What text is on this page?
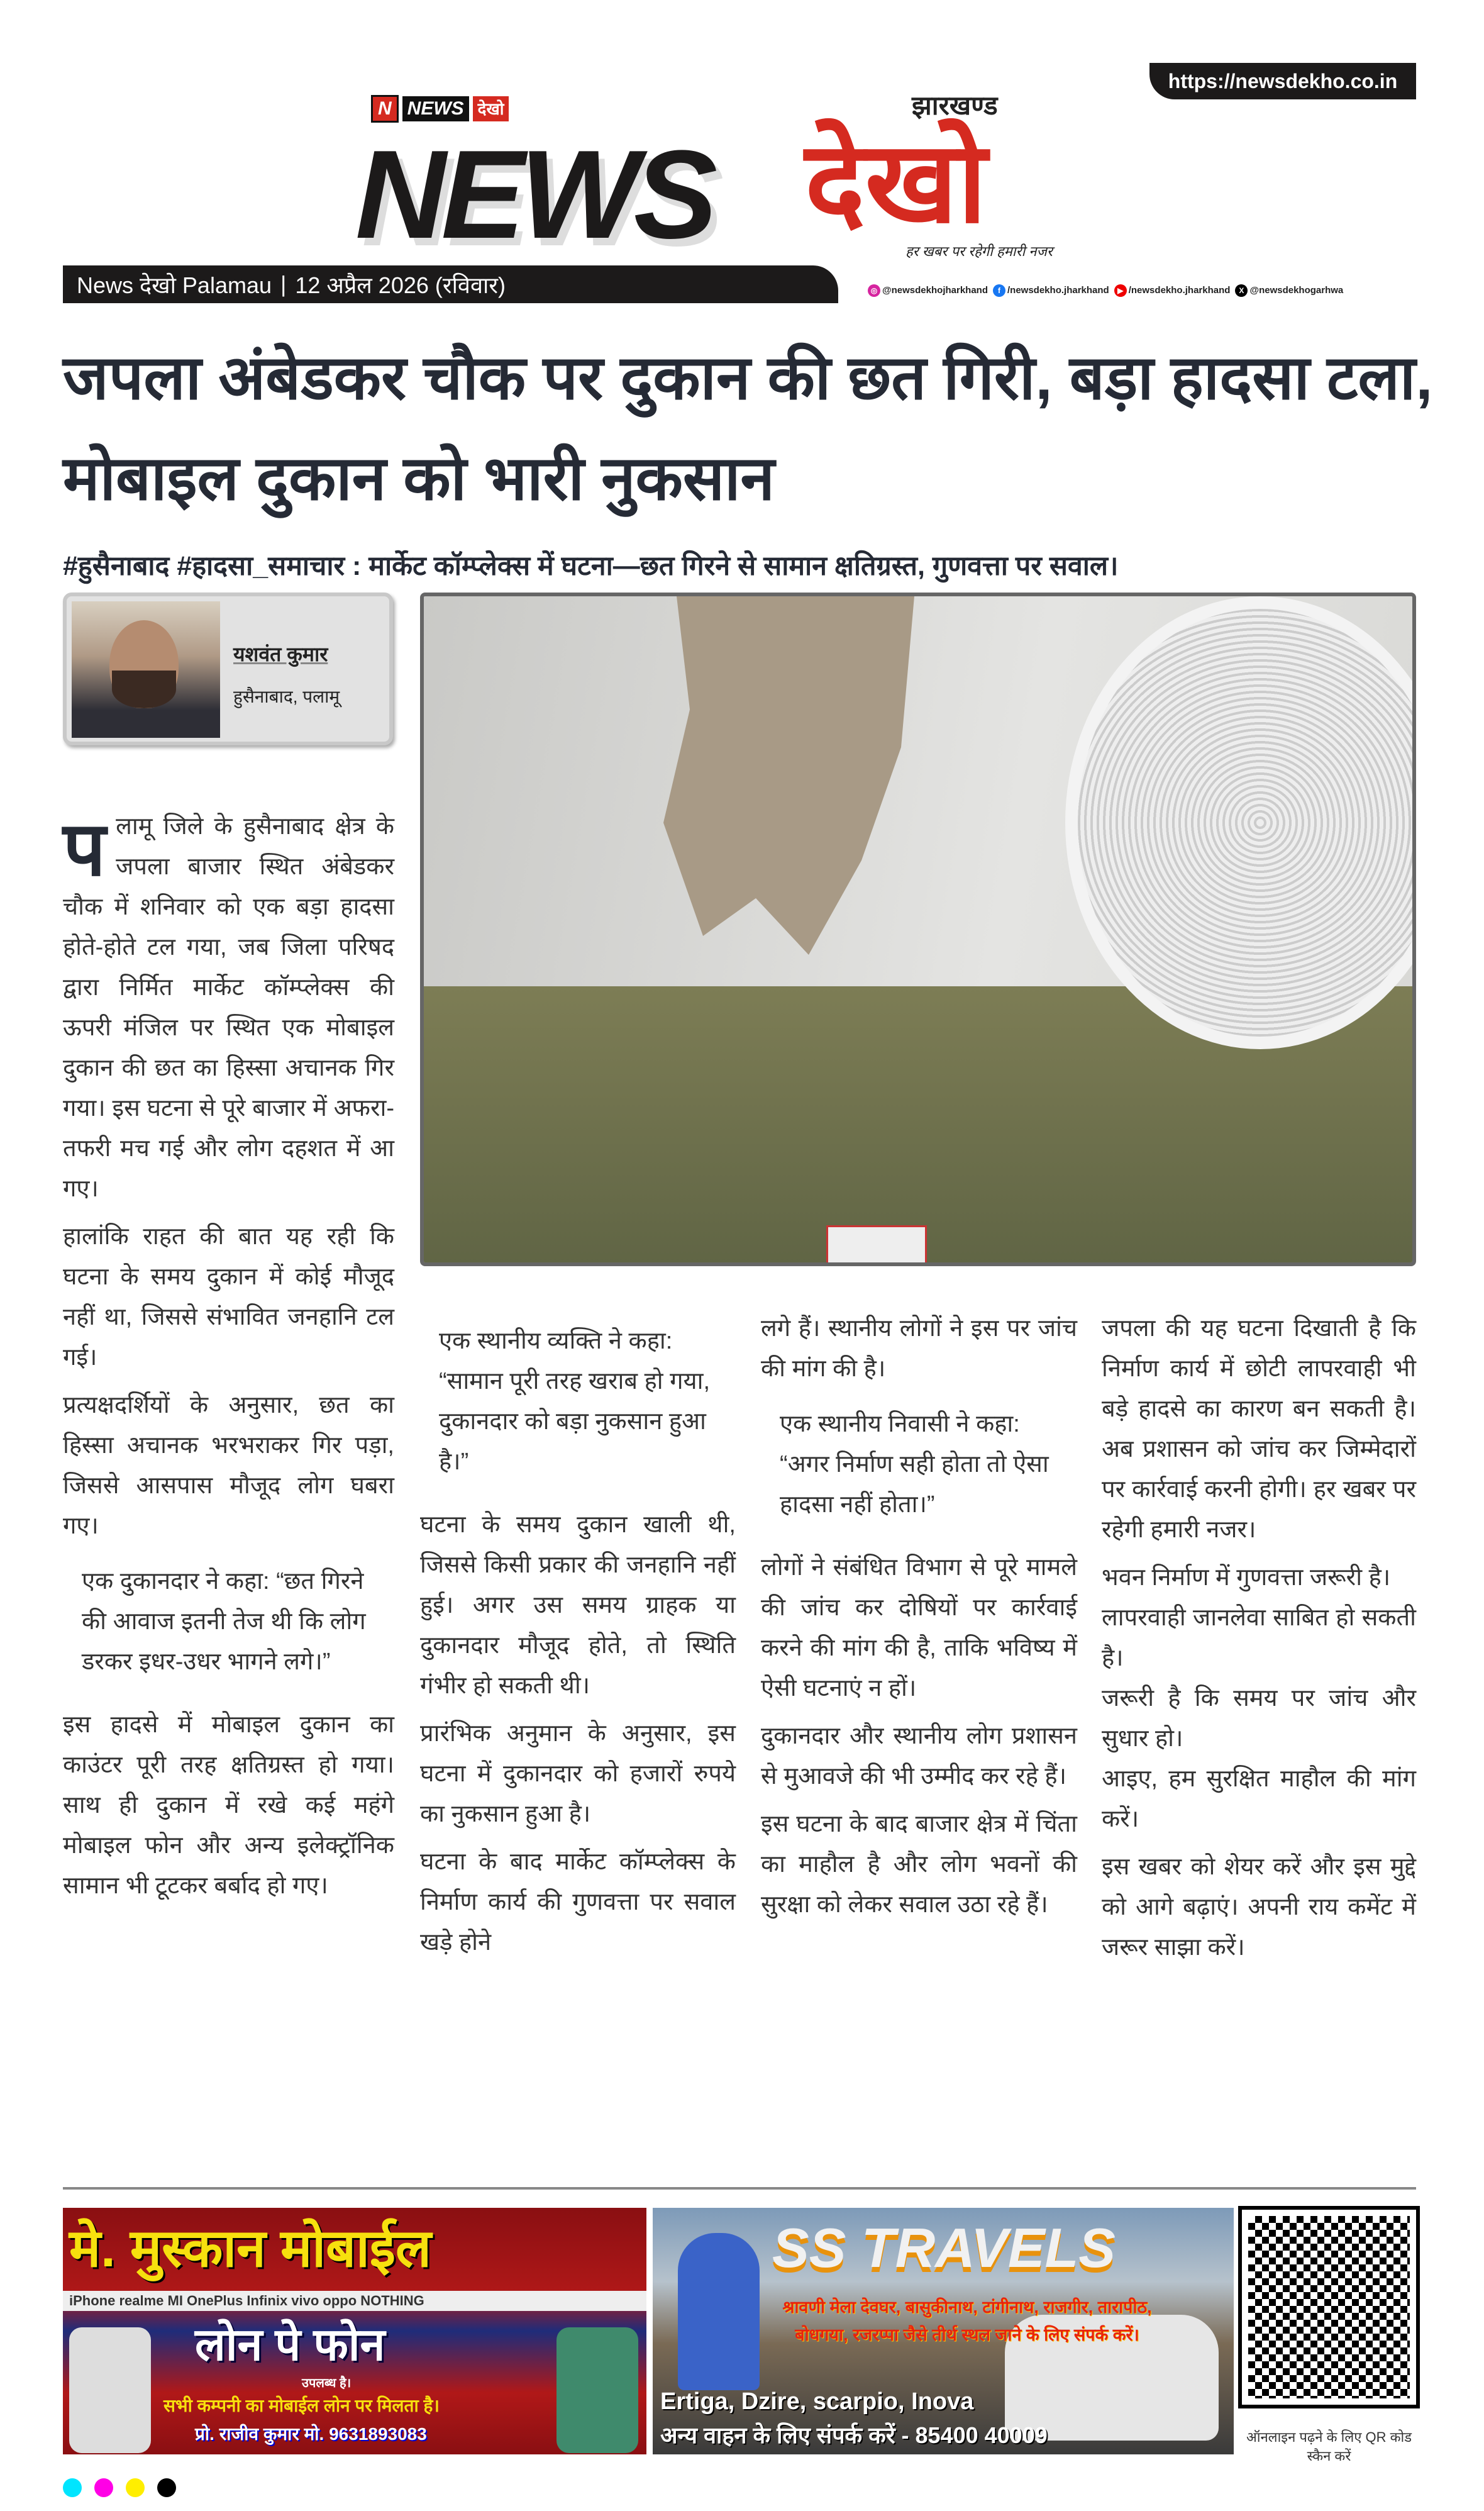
https://newsdekho.co.in
N NEWS देखो
NEWS
झारखण्ड
देखो
हर खबर पर रहेगी हमारी नजर
News देखो Palamau | 12 अप्रैल 2026 (रविवार)	◎ @newsdekhojharkhand	f /newsdekho.jharkhand	▶ /newsdekho.jharkhand	X @newsdekhogarhwa
जपला अंबेडकर चौक पर दुकान की छत गिरी, बड़ा हादसा टला, मोबाइल दुकान को भारी नुकसान
#हुसैनाबाद #हादसा_समाचार : मार्केट कॉम्प्लेक्स में घटना—छत गिरने से सामान क्षतिग्रस्त, गुणवत्ता पर सवाल।
यशवंत कुमार
हुसैनाबाद, पलामू

पलामू जिले के हुसैनाबाद क्षेत्र के जपला बाजार स्थित अंबेडकर चौक में शनिवार को एक बड़ा हादसा होते-होते टल गया, जब जिला परिषद द्वारा निर्मित मार्केट कॉम्प्लेक्स की ऊपरी मंजिल पर स्थित एक मोबाइल दुकान की छत का हिस्सा अचानक गिर गया। इस घटना से पूरे बाजार में अफरा-तफरी मच गई और लोग दहशत में आ गए।

हालांकि राहत की बात यह रही कि घटना के समय दुकान में कोई मौजूद नहीं था, जिससे संभावित जनहानि टल गई।

प्रत्यक्षदर्शियों के अनुसार, छत का हिस्सा अचानक भरभराकर गिर पड़ा, जिससे आसपास मौजूद लोग घबरा गए।

एक दुकानदार ने कहा: “छत गिरने की आवाज इतनी तेज थी कि लोग डरकर इधर-उधर भागने लगे।”

इस हादसे में मोबाइल दुकान का काउंटर पूरी तरह क्षतिग्रस्त हो गया। साथ ही दुकान में रखे कई महंगे मोबाइल फोन और अन्य इलेक्ट्रॉनिक सामान भी टूटकर बर्बाद हो गए।

एक स्थानीय व्यक्ति ने कहा: “सामान पूरी तरह खराब हो गया, दुकानदार को बड़ा नुकसान हुआ है।”

घटना के समय दुकान खाली थी, जिससे किसी प्रकार की जनहानि नहीं हुई। अगर उस समय ग्राहक या दुकानदार मौजूद होते, तो स्थिति गंभीर हो सकती थी।

प्रारंभिक अनुमान के अनुसार, इस घटना में दुकानदार को हजारों रुपये का नुकसान हुआ है।

घटना के बाद मार्केट कॉम्प्लेक्स के निर्माण कार्य की गुणवत्ता पर सवाल खड़े होने

लगे हैं। स्थानीय लोगों ने इस पर जांच की मांग की है।

एक स्थानीय निवासी ने कहा: “अगर निर्माण सही होता तो ऐसा हादसा नहीं होता।”

लोगों ने संबंधित विभाग से पूरे मामले की जांच कर दोषियों पर कार्रवाई करने की मांग की है, ताकि भविष्य में ऐसी घटनाएं न हों।

दुकानदार और स्थानीय लोग प्रशासन से मुआवजे की भी उम्मीद कर रहे हैं।

इस घटना के बाद बाजार क्षेत्र में चिंता का माहौल है और लोग भवनों की सुरक्षा को लेकर सवाल उठा रहे हैं।

जपला की यह घटना दिखाती है कि निर्माण कार्य में छोटी लापरवाही भी बड़े हादसे का कारण बन सकती है। अब प्रशासन को जांच कर जिम्मेदारों पर कार्रवाई करनी होगी। हर खबर पर रहेगी हमारी नजर।

भवन निर्माण में गुणवत्ता जरूरी है।

लापरवाही जानलेवा साबित हो सकती है।

जरूरी है कि समय पर जांच और सुधार हो।

आइए, हम सुरक्षित माहौल की मांग करें।

इस खबर को शेयर करें और इस मुद्दे को आगे बढ़ाएं। अपनी राय कमेंट में जरूर साझा करें।

मे. मुस्कान मोबाईल
iPhone realme MI OnePlus Infinix vivo oppo NOTHING
लोन पे फोन
उपलब्ध है।
सभी कम्पनी का मोबाईल लोन पर मिलता है।
प्रो. राजीव कुमार मो. 9631893083
SS TRAVELS
श्रावणी मेला देवघर, बासुकीनाथ, टांगीनाथ, राजगीर, तारापीठ, बोधगया, रजरप्पा जैसे तीर्थ स्थल जाने के लिए संपर्क करें।
Ertiga, Dzire, scarpio, Inova
अन्य वाहन के लिए संपर्क करें - 85400 40009	ऑनलाइन पढ़ने के लिए QR कोड स्कैन करें
